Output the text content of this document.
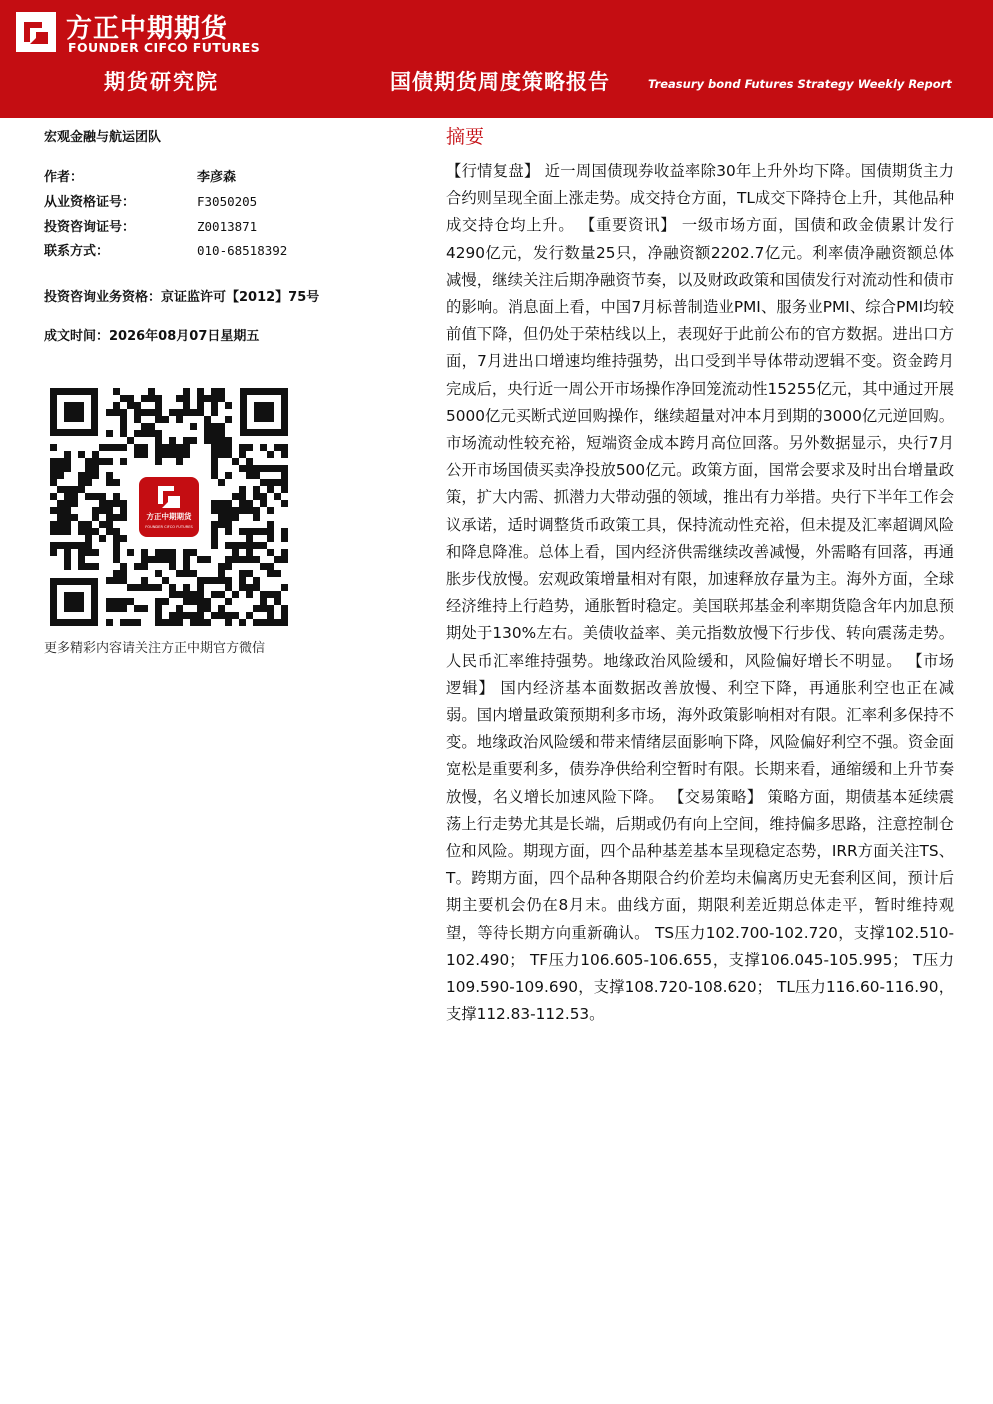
方正中期期货
FOUNDER CIFCO FUTURES
期货研究院	国债期货周度策略报告	Treasury bond Futures Strategy Weekly Report
宏观金融与航运团队
作者：	李彦森
从业资格证号：	F3050205
投资咨询证号：	Z0013871
联系方式：	010-68518392
投资咨询业务资格：京证监许可【2012】75号
成文时间：2026年08月07日星期五
方正中期期货
FOUNDER CIFCO FUTURES
更多精彩内容请关注方正中期官方微信
摘要

【行情复盘】 近一周国债现券收益率除30年上升外均下降。国债期货主力合约则呈现全面上涨走势。成交持仓方面，TL成交下降持仓上升，其他品种成交持仓均上升。 【重要资讯】 一级市场方面，国债和政金债累计发行4290亿元，发行数量25只，净融资额2202.7亿元。利率债净融资额总体减慢，继续关注后期净融资节奏，以及财政政策和国债发行对流动性和债市的影响。消息面上看，中国7月标普制造业PMI、服务业PMI、综合PMI均较前值下降，但仍处于荣枯线以上，表现好于此前公布的官方数据。进出口方面，7月进出口增速均维持强势，出口受到半导体带动逻辑不变。资金跨月完成后，央行近一周公开市场操作净回笼流动性15255亿元，其中通过开展5000亿元买断式逆回购操作，继续超量对冲本月到期的3000亿元逆回购。市场流动性较充裕，短端资金成本跨月高位回落。另外数据显示，央行7月公开市场国债买卖净投放500亿元。政策方面，国常会要求及时出台增量政策，扩大内需、抓潜力大带动强的领域，推出有力举措。央行下半年工作会议承诺，适时调整货币政策工具，保持流动性充裕，但未提及汇率超调风险和降息降准。总体上看，国内经济供需继续改善减慢，外需略有回落，再通胀步伐放慢。宏观政策增量相对有限，加速释放存量为主。海外方面，全球经济维持上行趋势，通胀暂时稳定。美国联邦基金利率期货隐含年内加息预期处于130%左右。美债收益率、美元指数放慢下行步伐、转向震荡走势。人民币汇率维持强势。地缘政治风险缓和，风险偏好增长不明显。 【市场逻辑】 国内经济基本面数据改善放慢、利空下降，再通胀利空也正在减弱。国内增量政策预期利多市场，海外政策影响相对有限。汇率利多保持不变。地缘政治风险缓和带来情绪层面影响下降，风险偏好利空不强。资金面宽松是重要利多，债券净供给利空暂时有限。长期来看，通缩缓和上升节奏放慢，名义增长加速风险下降。 【交易策略】 策略方面，期债基本延续震荡上行走势尤其是长端，后期或仍有向上空间，维持偏多思路，注意控制仓位和风险。期现方面，四个品种基差基本呈现稳定态势，IRR方面关注TS、T。跨期方面，四个品种各期限合约价差均未偏离历史无套利区间，预计后期主要机会仍在8月末。曲线方面，期限利差近期总体走平，暂时维持观望，等待长期方向重新确认。 TS压力102.700-102.720，支撑102.510-102.490； TF压力106.605-106.655，支撑106.045-105.995； T压力109.590-109.690，支撑108.720-108.620； TL压力116.60-116.90，支撑112.83-112.53。
